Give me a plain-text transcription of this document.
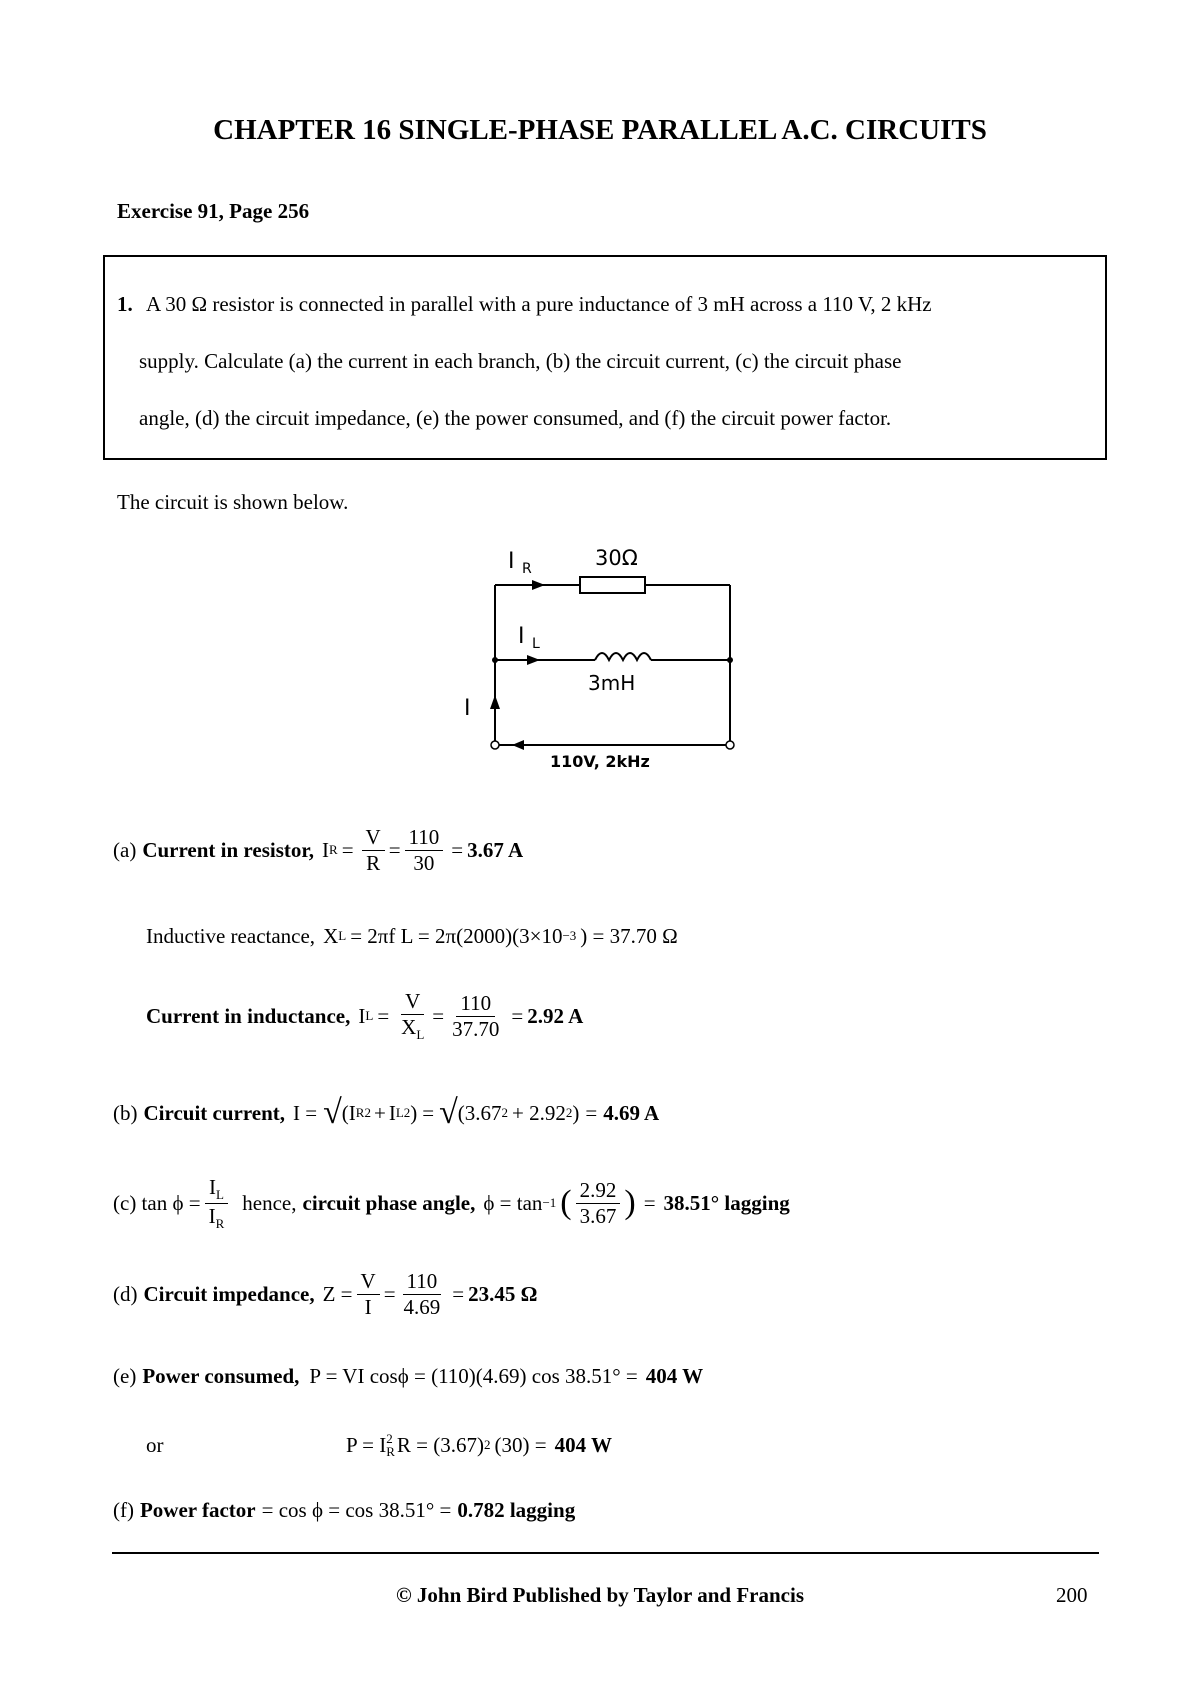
CHAPTER 16 SINGLE-PHASE PARALLEL A.C. CIRCUITS
Exercise 91, Page 256
1. A 30 Ω resistor is connected in parallel with a pure inductance of 3 mH across a 110 V, 2 kHz
supply. Calculate (a) the current in each branch, (b) the circuit current, (c) the circuit phase
angle, (d) the circuit impedance, (e) the power consumed, and (f) the circuit power factor.
The circuit is shown below.
I R	30Ω
I L
3mH
I
110V, 2kHz
(a) Current in resistor, I $R = \frac{V}{R} = \frac{110}{30} = 3.67$ A
Inductive reactance, X L = 2πf L = 2π(2000)(3×10 −3 ) = 37.70 Ω
Current in inductance, I $L = \frac{V}{X_L} = \frac{110}{37.70} = 2.92$ A
(b) Circuit current, I = √ (I R 2 + I L 2 ) = √ ( 3.67 2 + 2.92 2 ) = 4.69 A
(c) $\tan \phi = \frac{I_L}{I_R}$ hence, circuit phase angle, ϕ = tan −1 ( $\frac{2.92}{3.67}$ ) = 38.51° lagging
(d) Circuit impedance, $Z = \frac{V}{I} = \frac{110}{4.69} = 23.45$ Ω
(e) Power consumed, P = VI cosϕ = (110)(4.69) cos 38.51° = 404 W
or	P = I 2
R R = (3.67) 2 (30) = 404 W
(f) Power factor = cos ϕ = cos 38.51° = 0.782 lagging
© John Bird Published by Taylor and Francis	200
